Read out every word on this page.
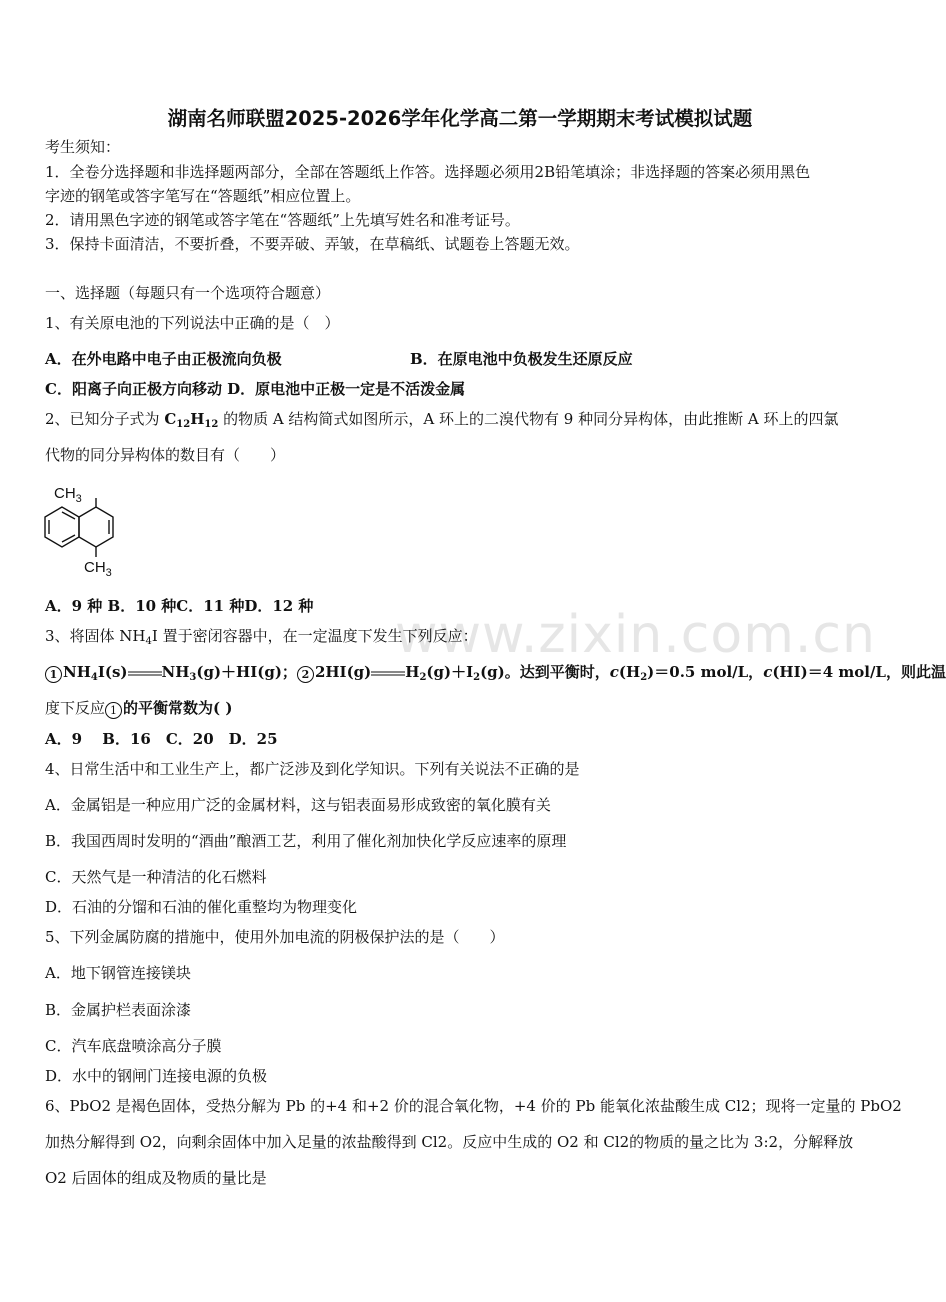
www.zixin.com.cn
湖南名师联盟2025-2026学年化学高二第一学期期末考试模拟试题
考生须知：
1．全卷分选择题和非选择题两部分，全部在答题纸上作答。选择题必须用2B铅笔填涂；非选择题的答案必须用黑色
字迹的钢笔或答字笔写在“答题纸”相应位置上。
2．请用黑色字迹的钢笔或答字笔在“答题纸”上先填写姓名和准考证号。
3．保持卡面清洁，不要折叠，不要弄破、弄皱，在草稿纸、试题卷上答题无效。
一、选择题（每题只有一个选项符合题意）
1、有关原电池的下列说法中正确的是（　）
A．在外电路中电子由正极流向负极	B．在原电池中负极发生还原反应
C．阳离子向正极方向移动 D．原电池中正极一定是不活泼金属
2、已知分子式为 $C_{12}H_{12}$ 的物质 A 结构简式如图所示，A 环上的二溴代物有 9 种同分异构体，由此推断 A 环上的四氯
代物的同分异构体的数目有（　　）
$CH_3$
$CH_3$
A．9 种 B．10 种C．11 种D．12 种
3、将固体 $NH_4I$ 置于密闭容器中，在一定温度下发生下列反应：
1 $NH_4I(s)$ $NH_3(g)+HI(g)$； 2 2HI(g) $H_2(g)+I_2(g)$。达到平衡时，$c(H_2)=0.5$ mol/L，c(HI)＝4 mol/L，则此温
度下反应 1 的平衡常数为( )
A．9　 B．16　C．20　D．25
4、日常生活中和工业生产上，都广泛涉及到化学知识。下列有关说法不正确的是
A．金属铝是一种应用广泛的金属材料，这与铝表面易形成致密的氧化膜有关
B．我国西周时发明的“酒曲”酿酒工艺，利用了催化剂加快化学反应速率的原理
C．天然气是一种清洁的化石燃料
D．石油的分馏和石油的催化重整均为物理变化
5、下列金属防腐的措施中，使用外加电流的阴极保护法的是（　　）
A．地下钢管连接镁块
B．金属护栏表面涂漆
C．汽车底盘喷涂高分子膜
D．水中的钢闸门连接电源的负极
6、PbO2 是褐色固体，受热分解为 Pb 的+4 和+2 价的混合氧化物，+4 价的 Pb 能氧化浓盐酸生成 Cl2；现将一定量的 PbO2
加热分解得到 O2，向剩余固体中加入足量的浓盐酸得到 Cl2。反应中生成的 O2 和 Cl2的物质的量之比为 3:2，分解释放
O2 后固体的组成及物质的量比是
